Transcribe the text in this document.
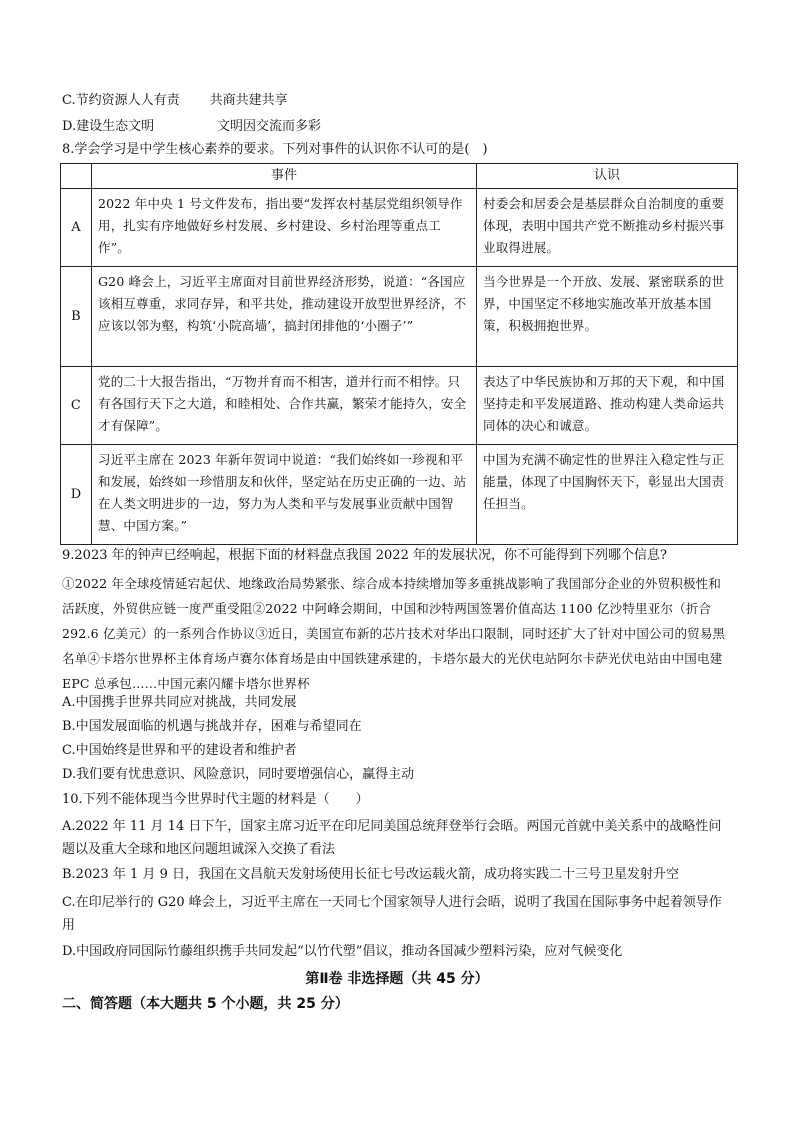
C.节约资源人人有责 共商共建共享
D.建设生态文明	文明因交流而多彩
8.学会学习是中学生核心素养的要求。下列对事件的认识你不认可的是(　)
	事件	认识
A	2022 年中央 1 号文件发布，指出要“发挥农村基层党组织领导作用，扎实有序地做好乡村发展、乡村建设、乡村治理等重点工作”。	村委会和居委会是基层群众自治制度的重要体现，表明中国共产党不断推动乡村振兴事业取得进展。
B	G20 峰会上，习近平主席面对目前世界经济形势，说道：“各国应该相互尊重，求同存异，和平共处，推动建设开放型世界经济，不应该以邻为壑，构筑‘小院高墙’，搞封闭排他的‘小圈子’”	当今世界是一个开放、发展、紧密联系的世界，中国坚定不移地实施改革开放基本国策，积极拥抱世界。
C	党的二十大报告指出，“万物并育而不相害，道并行而不相悖。只有各国行天下之大道，和睦相处、合作共赢，繁荣才能持久，安全才有保障”。	表达了中华民族协和万邦的天下观，和中国坚持走和平发展道路、推动构建人类命运共同体的决心和诚意。
D	习近平主席在 2023 年新年贺词中说道：“我们始终如一珍视和平和发展，始终如一珍惜朋友和伙伴，坚定站在历史正确的一边、站在人类文明进步的一边，努力为人类和平与发展事业贡献中国智慧、中国方案。”	中国为充满不确定性的世界注入稳定性与正能量，体现了中国胸怀天下，彰显出大国责任担当。
9.2023 年的钟声已经响起，根据下面的材料盘点我国 2022 年的发展状况，你不可能得到下列哪个信息?
①2022 年全球疫情延宕起伏、地缘政治局势紧张、综合成本持续增加等多重挑战影响了我国部分企业的外贸积极性和活跃度，外贸供应链一度严重受阻②2022 中阿峰会期间，中国和沙特两国签署价值高达 1100 亿沙特里亚尔（折合 292.6 亿美元）的一系列合作协议③近日，美国宣布新的芯片技术对华出口限制，同时还扩大了针对中国公司的贸易黑名单④卡塔尔世界杯主体育场卢赛尔体育场是由中国铁建承建的，卡塔尔最大的光伏电站阿尔卡萨光伏电站由中国电建 EPC 总承包……中国元素闪耀卡塔尔世界杯
A.中国携手世界共同应对挑战，共同发展
B.中国发展面临的机遇与挑战并存，困难与希望同在
C.中国始终是世界和平的建设者和维护者
D.我们要有忧患意识、风险意识，同时要增强信心，赢得主动
10.下列不能体现当今世界时代主题的材料是（　　）
A.2022 年 11 月 14 日下午，国家主席习近平在印尼同美国总统拜登举行会晤。两国元首就中美关系中的战略性问题以及重大全球和地区问题坦诚深入交换了看法
B.2023 年 1 月 9 日，我国在文昌航天发射场使用长征七号改运载火箭，成功将实践二十三号卫星发射升空
C.在印尼举行的 G20 峰会上，习近平主席在一天同七个国家领导人进行会晤，说明了我国在国际事务中起着领导作用
D.中国政府同国际竹藤组织携手共同发起“以竹代塑”倡议，推动各国减少塑料污染，应对气候变化
第Ⅱ卷 非选择题（共 45 分）
二、简答题（本大题共 5 个小题，共 25 分）
